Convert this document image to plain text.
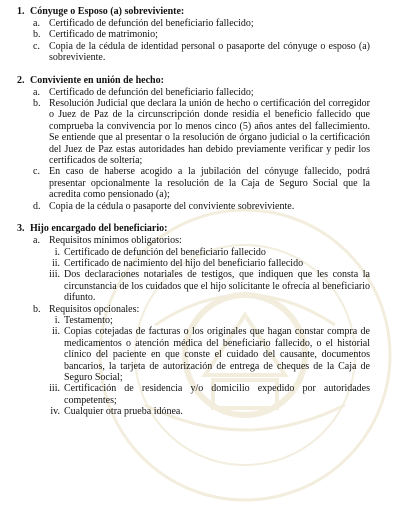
1. Cónyuge o Esposo (a) sobreviviente:
a. Certificado de defunción del beneficiario fallecido;
b. Certificado de matrimonio;
c. Copia de la cédula de identidad personal o pasaporte del cónyuge o esposo (a) sobreviviente.
2. Conviviente en unión de hecho:
a. Certificado de defunción del beneficiario fallecido;
b. Resolución Judicial que declara la unión de hecho o certificación del corregidor o Juez de Paz de la circunscripción donde residía el beneficio fallecido que comprueba la convivencia por lo menos cinco (5) años antes del fallecimiento. Se entiende que al presentar o la resolución de órgano judicial o la certificación del Juez de Paz estas autoridades han debido previamente verificar y pedir los certificados de soltería;
c. En caso de haberse acogido a la jubilación del cónyuge fallecido, podrá presentar opcionalmente la resolución de la Caja de Seguro Social que la acredita como pensionado (a);
d. Copia de la cédula o pasaporte del conviviente sobreviviente.
3. Hijo encargado del beneficiario:
a. Requisitos mínimos obligatorios:
i. Certificado de defunción del beneficiario fallecido
ii. Certificado de nacimiento del hijo del beneficiario fallecido
iii. Dos declaraciones notariales de testigos, que indiquen que les consta la circunstancia de los cuidados que el hijo solicitante le ofrecía al beneficiario difunto.
b. Requisitos opcionales:
i. Testamento;
ii. Copias cotejadas de facturas o los originales que hagan constar compra de medicamentos o atención médica del beneficiario fallecido, o el historial clínico del paciente en que conste el cuidado del causante, documentos bancarios, la tarjeta de autorización de entrega de cheques de la Caja de Seguro Social;
iii. Certificación de residencia y/o domicilio expedido por autoridades competentes;
iv. Cualquier otra prueba idónea.
